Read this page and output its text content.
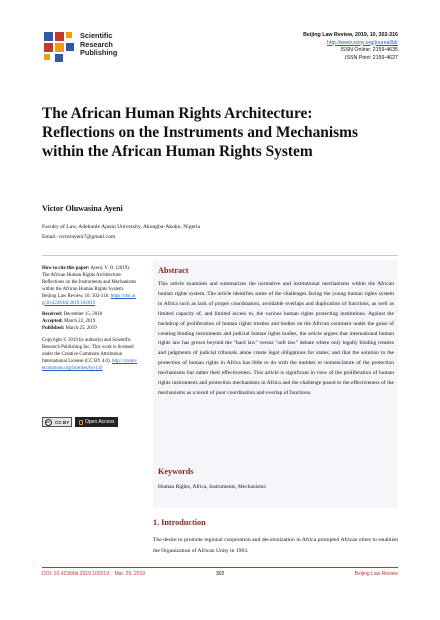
Scientific
Research
Publishing
Beijing Law Review, 2019, 10, 302-316
http://www.scirp.org/journal/blr
ISSN Online: 2159-4635
ISSN Print: 2159-4627
The African Human Rights Architecture: Reflections on the Instruments and Mechanisms within the African Human Rights System
Victor Oluwasina Ayeni
Faculty of Law, Adekunle Ajasin University, Akungba-Akoko, Nigeria
Email: victorayeni7@gmail.com

How to cite this paper: Ayeni, V. O. (2019). The African Human Rights Architecture: Reflections on the Instruments and Mechanisms within the African Human Rights System. Beijing Law Review, 10, 302-316. https://doi.org/10.4236/blr.2019.102019

Received: December 15, 2018

Accepted: March 22, 2019

Published: March 25, 2019

Copyright © 2019 by author(s) and Scientific Research Publishing Inc. This work is licensed under the Creative Commons Attribution International License (CC BY 4.0). http://creativecommons.org/licenses/by/4.0/

cc	CC BY	Open Access
Abstract
This article examines and summarizes the normative and institutional mechanisms within the African human rights system. The article identifies some of the challenges facing the young human rights system in Africa such as lack of proper coordination, avoidable overlaps and duplication of functions, as well as limited capacity of, and limited access to, the various human rights protecting institutions. Against the backdrop of proliferation of human rights treaties and bodies on the African continent under the guise of creating binding instruments and judicial human rights bodies, the article argues that international human rights law has grown beyond the "hard law" versus "soft law" debate where only legally binding treaties and judgments of judicial tribunals alone create legal obligations for states; and that the solution to the protection of human rights in Africa has little to do with the number or nomenclature of the protection mechanisms but rather their effectiveness. This article is significant in view of the proliferation of human rights instruments and protection mechanisms in Africa and the challenge posed to the effectiveness of the mechanisms as a result of poor coordination and overlap of functions.
Keywords
Human Rights, Africa, Instruments, Mechanisms
1. Introduction
The desire to promote regional cooperation and decolonization in Africa prompted African elites to establish the Organization of African Unity in 1963.
DOI: 10.4236/blr.2019.102019 Mar. 25, 2019	302	Beijing Law Review
